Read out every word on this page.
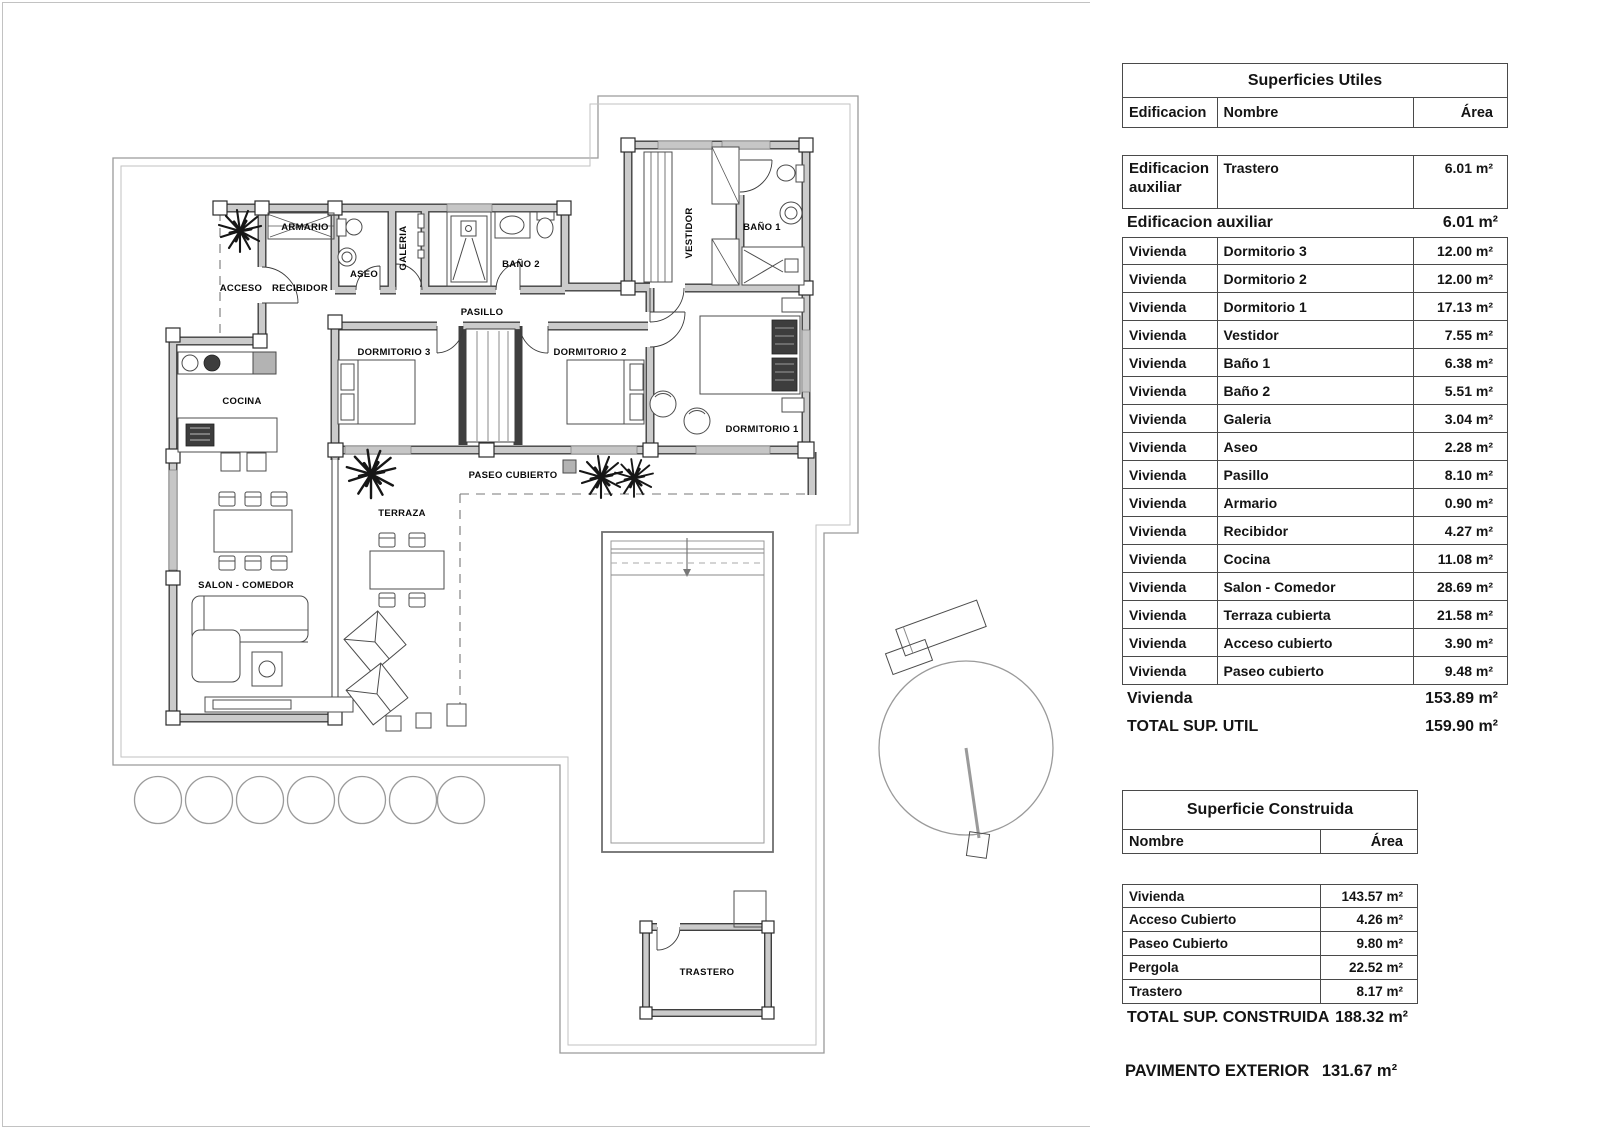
ARMARIO
ACCESO RECIBIDOR
ASEO
GALERIA	BAÑO 2
PASILLO
DORMITORIO 3	DORMITORIO 2
VESTIDOR	BAÑO 1
DORMITORIO 1
COCINA
SALON - COMEDOR
TERRAZA
PASEO CUBIERTO
TRASTERO
Superficies Utiles
Edificacion	Nombre	Área
Edificacion auxiliar
Trastero	6.01 m²
Edificacion auxiliar	6.01 m²
Vivienda	Dormitorio 3	12.00 m²
Vivienda	Dormitorio 2	12.00 m²
Vivienda	Dormitorio 1	17.13 m²
Vivienda	Vestidor	7.55 m²
Vivienda	Baño 1	6.38 m²
Vivienda	Baño 2	5.51 m²
Vivienda	Galeria	3.04 m²
Vivienda	Aseo	2.28 m²
Vivienda	Pasillo	8.10 m²
Vivienda	Armario	0.90 m²
Vivienda	Recibidor	4.27 m²
Vivienda	Cocina	11.08 m²
Vivienda	Salon - Comedor	28.69 m²
Vivienda	Terraza cubierta	21.58 m²
Vivienda	Acceso cubierto	3.90 m²
Vivienda	Paseo cubierto	9.48 m²
Vivienda	153.89 m²
TOTAL SUP. UTIL	159.90 m²
Superficie Construida
Nombre	Área
Vivienda	143.57 m²
Acceso Cubierto	4.26 m²
Paseo Cubierto	9.80 m²
Pergola	22.52 m²
Trastero	8.17 m²
TOTAL SUP. CONSTRUIDA 188.32 m²
PAVIMENTO EXTERIOR 131.67 m²
